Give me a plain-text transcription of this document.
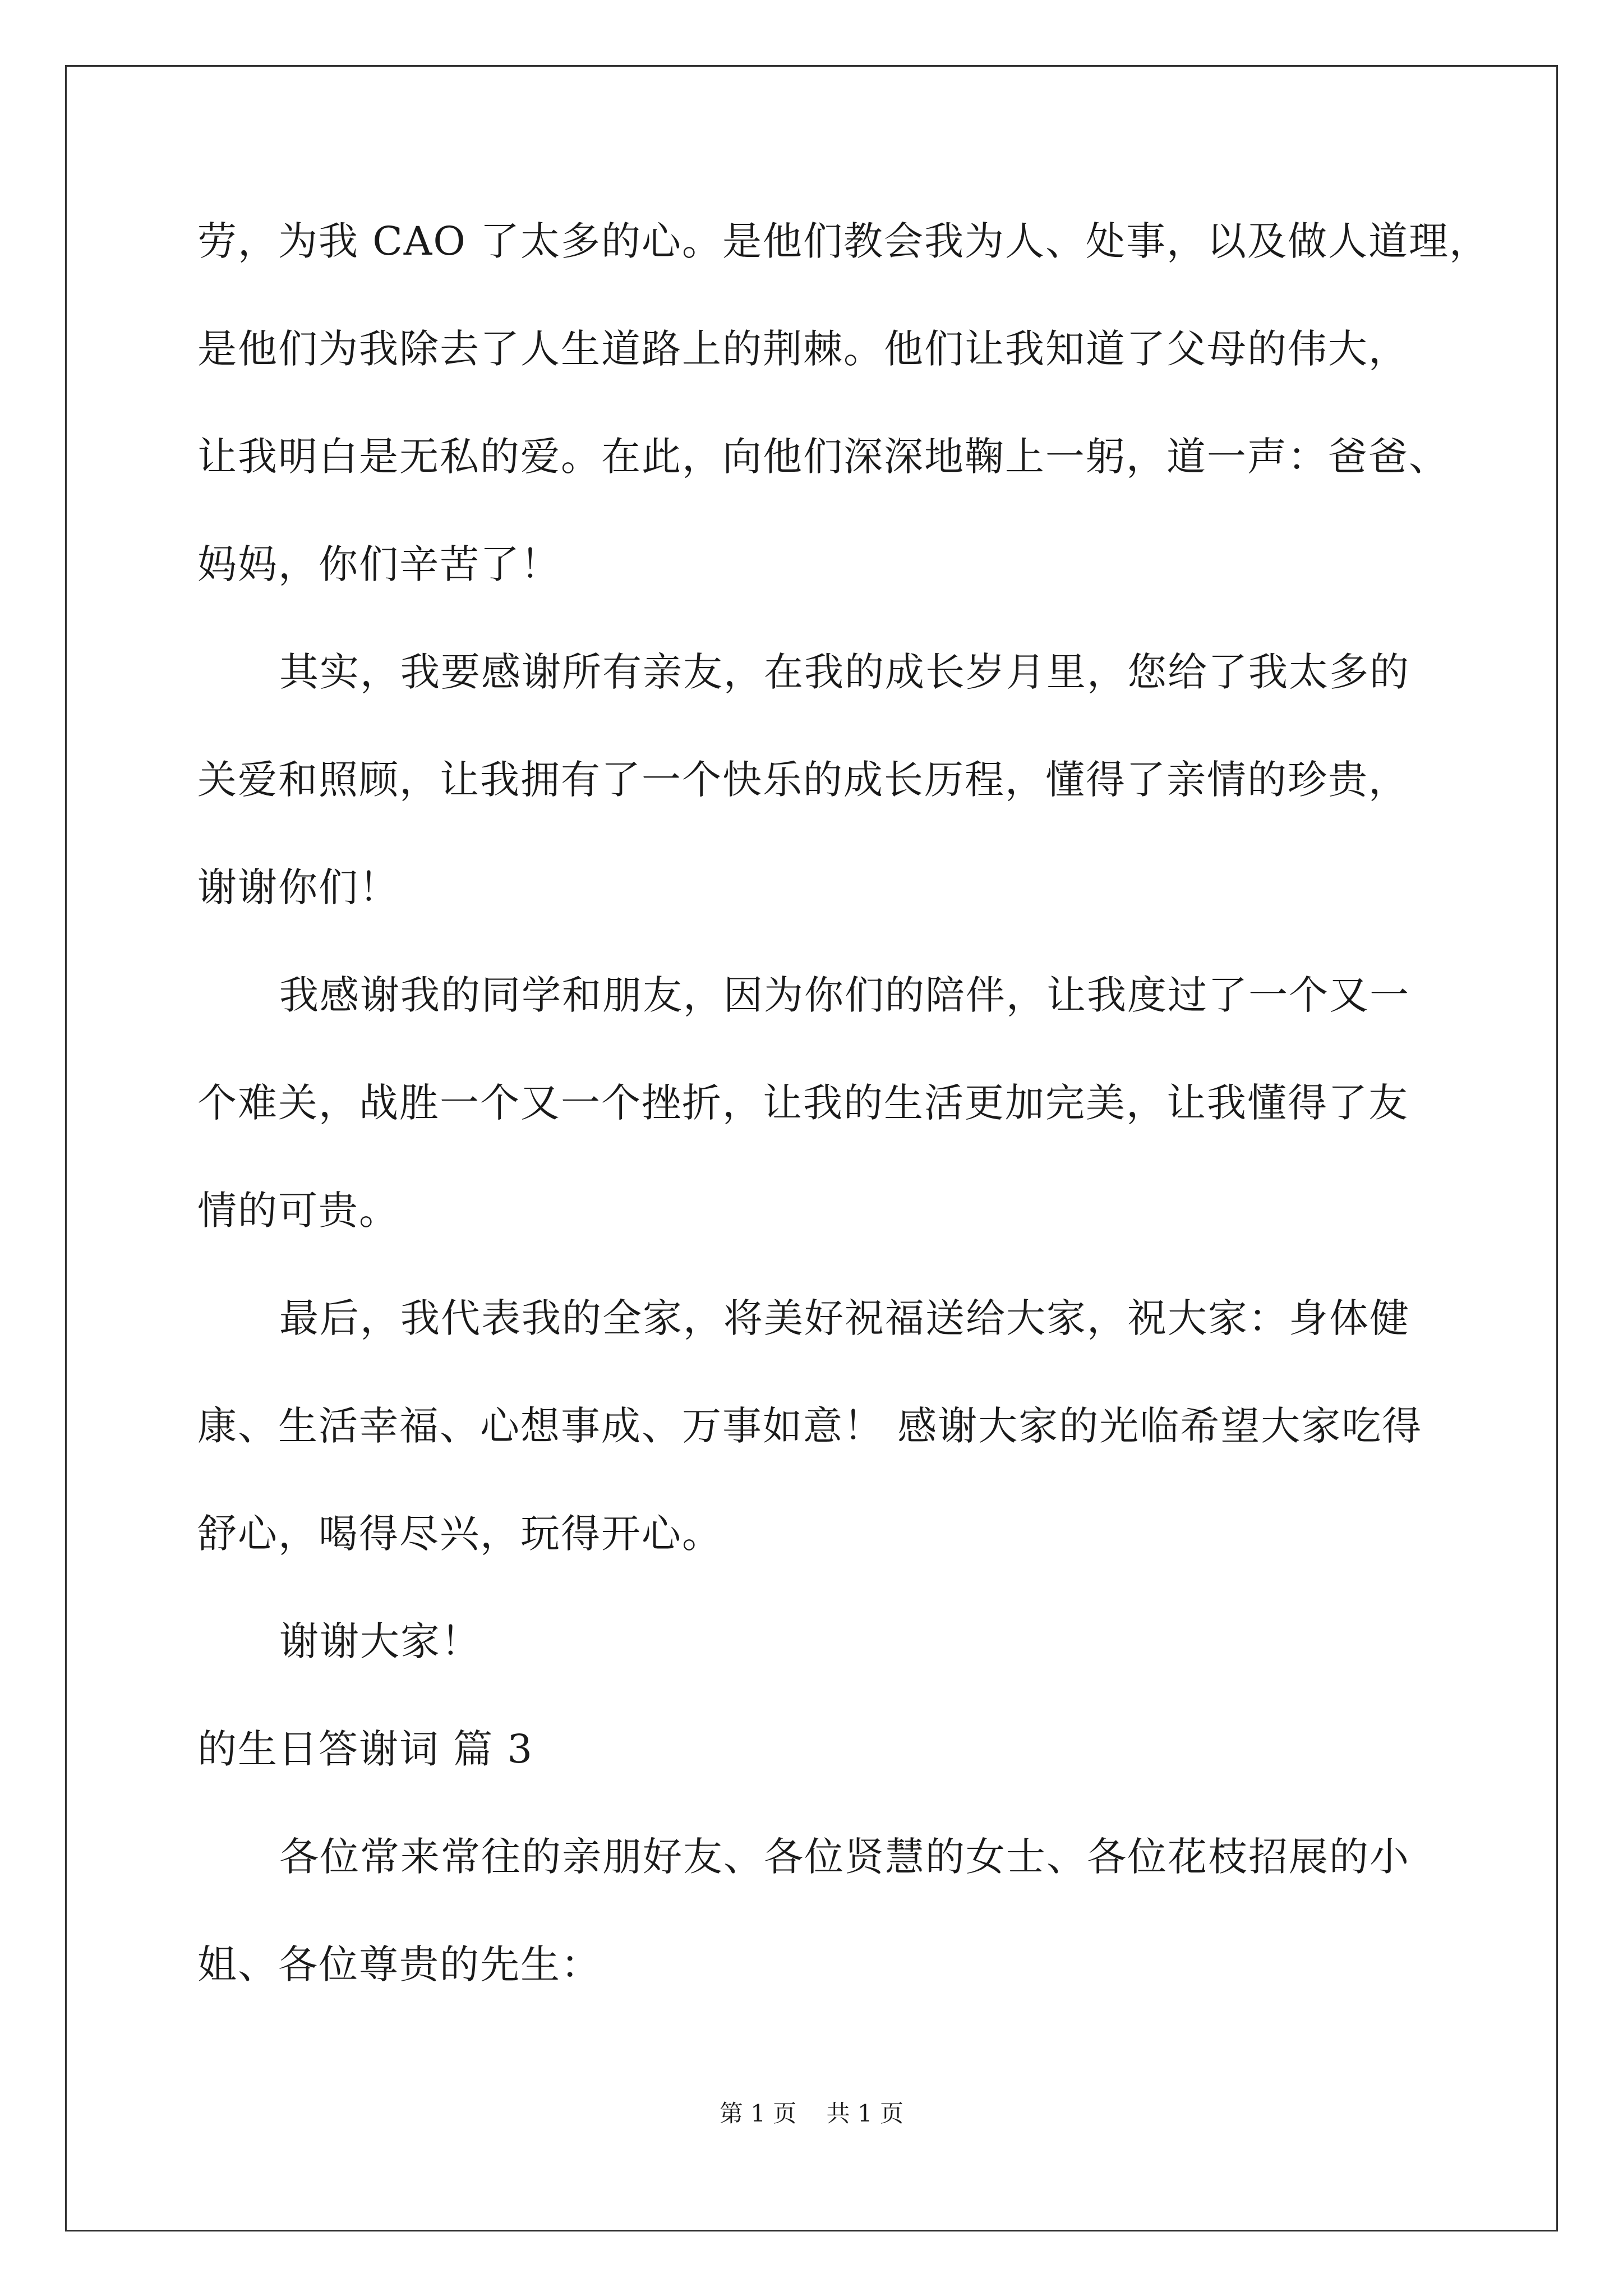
劳，为我 CAO 了太多的心。是他们教会我为人、处事，以及做人道理，
是他们为我除去了人生道路上的荆棘。他们让我知道了父母的伟大，
让我明白是无私的爱。在此，向他们深深地鞠上一躬，道一声：爸爸、
妈妈，你们辛苦了！
其实，我要感谢所有亲友，在我的成长岁月里，您给了我太多的
关爱和照顾，让我拥有了一个快乐的成长历程，懂得了亲情的珍贵，
谢谢你们！
我感谢我的同学和朋友，因为你们的陪伴，让我度过了一个又一
个难关，战胜一个又一个挫折，让我的生活更加完美，让我懂得了友
情的可贵。
最后，我代表我的全家，将美好祝福送给大家，祝大家：身体健
康、生活幸福、心想事成、万事如意！ 感谢大家的光临希望大家吃得
舒心，喝得尽兴，玩得开心。
谢谢大家！
的生日答谢词 篇 3
各位常来常往的亲朋好友、各位贤慧的女士、各位花枝招展的小
姐、各位尊贵的先生：
第 1 页 共 1 页
